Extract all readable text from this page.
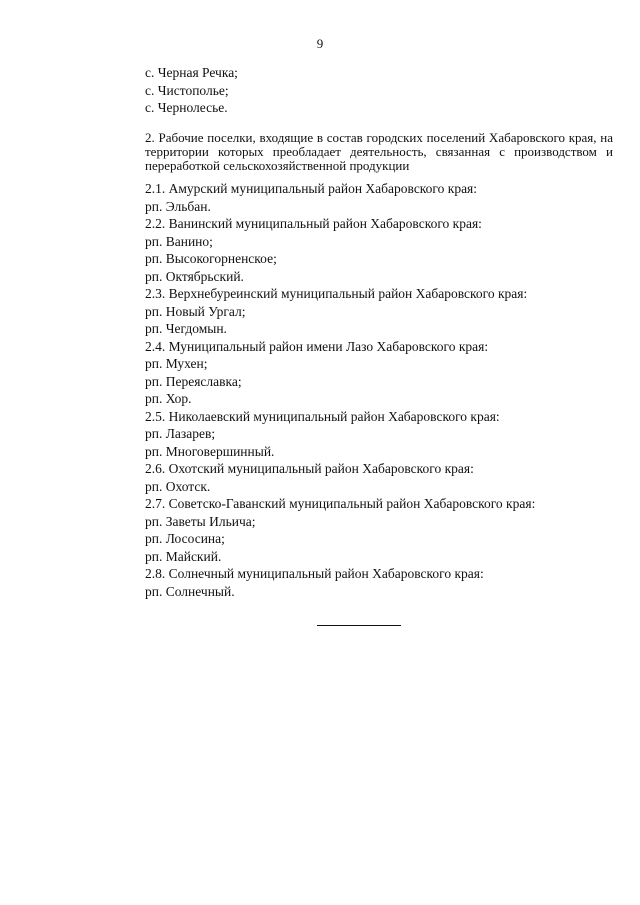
9
с. Черная Речка;
с. Чистополье;
с. Чернолесье.
2. Рабочие поселки, входящие в состав городских поселений Хабаровского края, на территории которых преобладает деятельность, связанная с производством и переработкой сельскохозяйственной продукции
2.1. Амурский муниципальный район Хабаровского края:
рп. Эльбан.
2.2. Ванинский муниципальный район Хабаровского края:
рп. Ванино;
рп. Высокогорненское;
рп. Октябрьский.
2.3. Верхнебуреинский муниципальный район Хабаровского края:
рп. Новый Ургал;
рп. Чегдомын.
2.4. Муниципальный район имени Лазо Хабаровского края:
рп. Мухен;
рп. Переяславка;
рп. Хор.
2.5. Николаевский муниципальный район Хабаровского края:
рп. Лазарев;
рп. Многовершинный.
2.6. Охотский муниципальный район Хабаровского края:
рп. Охотск.
2.7. Советско-Гаванский муниципальный район Хабаровского края:
рп. Заветы Ильича;
рп. Лососина;
рп. Майский.
2.8. Солнечный муниципальный район Хабаровского края:
рп. Солнечный.
